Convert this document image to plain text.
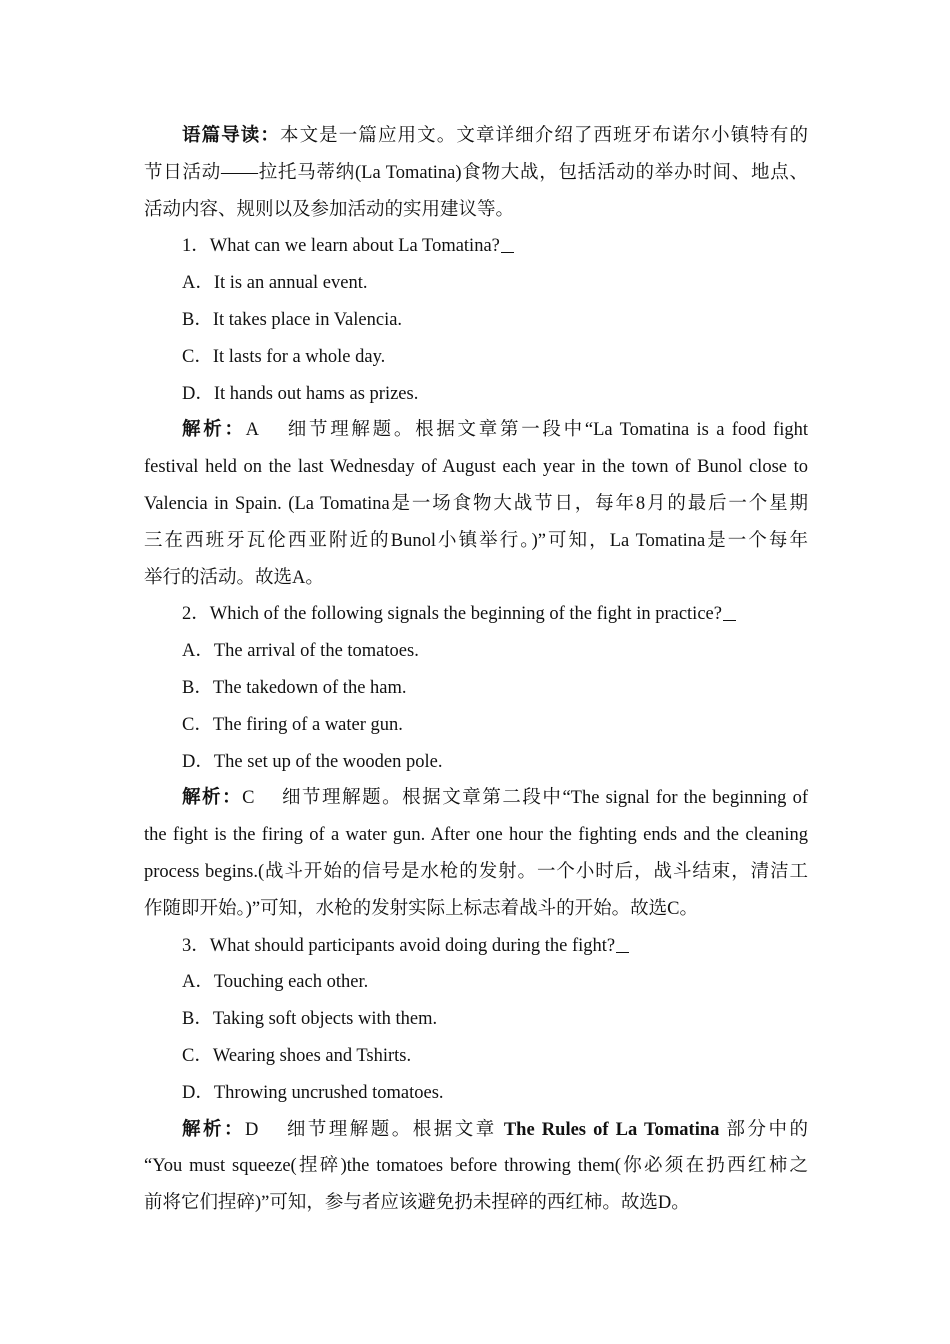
语篇导读：本文是一篇应用文。文章详细介绍了西班牙布诺尔小镇特有的
节日活动——拉托马蒂纳(La Tomatina)食物大战，包括活动的举办时间、地点、
活动内容、规则以及参加活动的实用建议等。
1．What can we learn about La Tomatina?
A．It is an annual event.
B．It takes place in Valencia.
C．It lasts for a whole day.
D．It hands out hams as prizes.
解析：A 细节理解题。根据文章第一段中“La Tomatina is a food fight
festival held on the last Wednesday of August each year in the town of Bunol close to
Valencia in Spain. (La Tomatina是一场食物大战节日，每年8月的最后一个星期
三在西班牙瓦伦西亚附近的Bunol小镇举行。)”可知，La Tomatina是一个每年
举行的活动。故选A。
2．Which of the following signals the beginning of the fight in practice?
A．The arrival of the tomatoes.
B．The takedown of the ham.
C．The firing of a water gun.
D．The set up of the wooden pole.
解析：C 细节理解题。根据文章第二段中“The signal for the beginning of
the fight is the firing of a water gun. After one hour the fighting ends and the cleaning
process begins.(战斗开始的信号是水枪的发射。一个小时后，战斗结束，清洁工
作随即开始。)”可知，水枪的发射实际上标志着战斗的开始。故选C。
3．What should participants avoid doing during the fight?
A．Touching each other.
B．Taking soft objects with them.
C．Wearing shoes and Tshirts.
D．Throwing uncrushed tomatoes.
解析：D 细节理解题。根据文章 The Rules of La Tomatina 部分中的
“You must squeeze(捏碎)the tomatoes before throwing them(你必须在扔西红柿之
前将它们捏碎)”可知，参与者应该避免扔未捏碎的西红柿。故选D。
